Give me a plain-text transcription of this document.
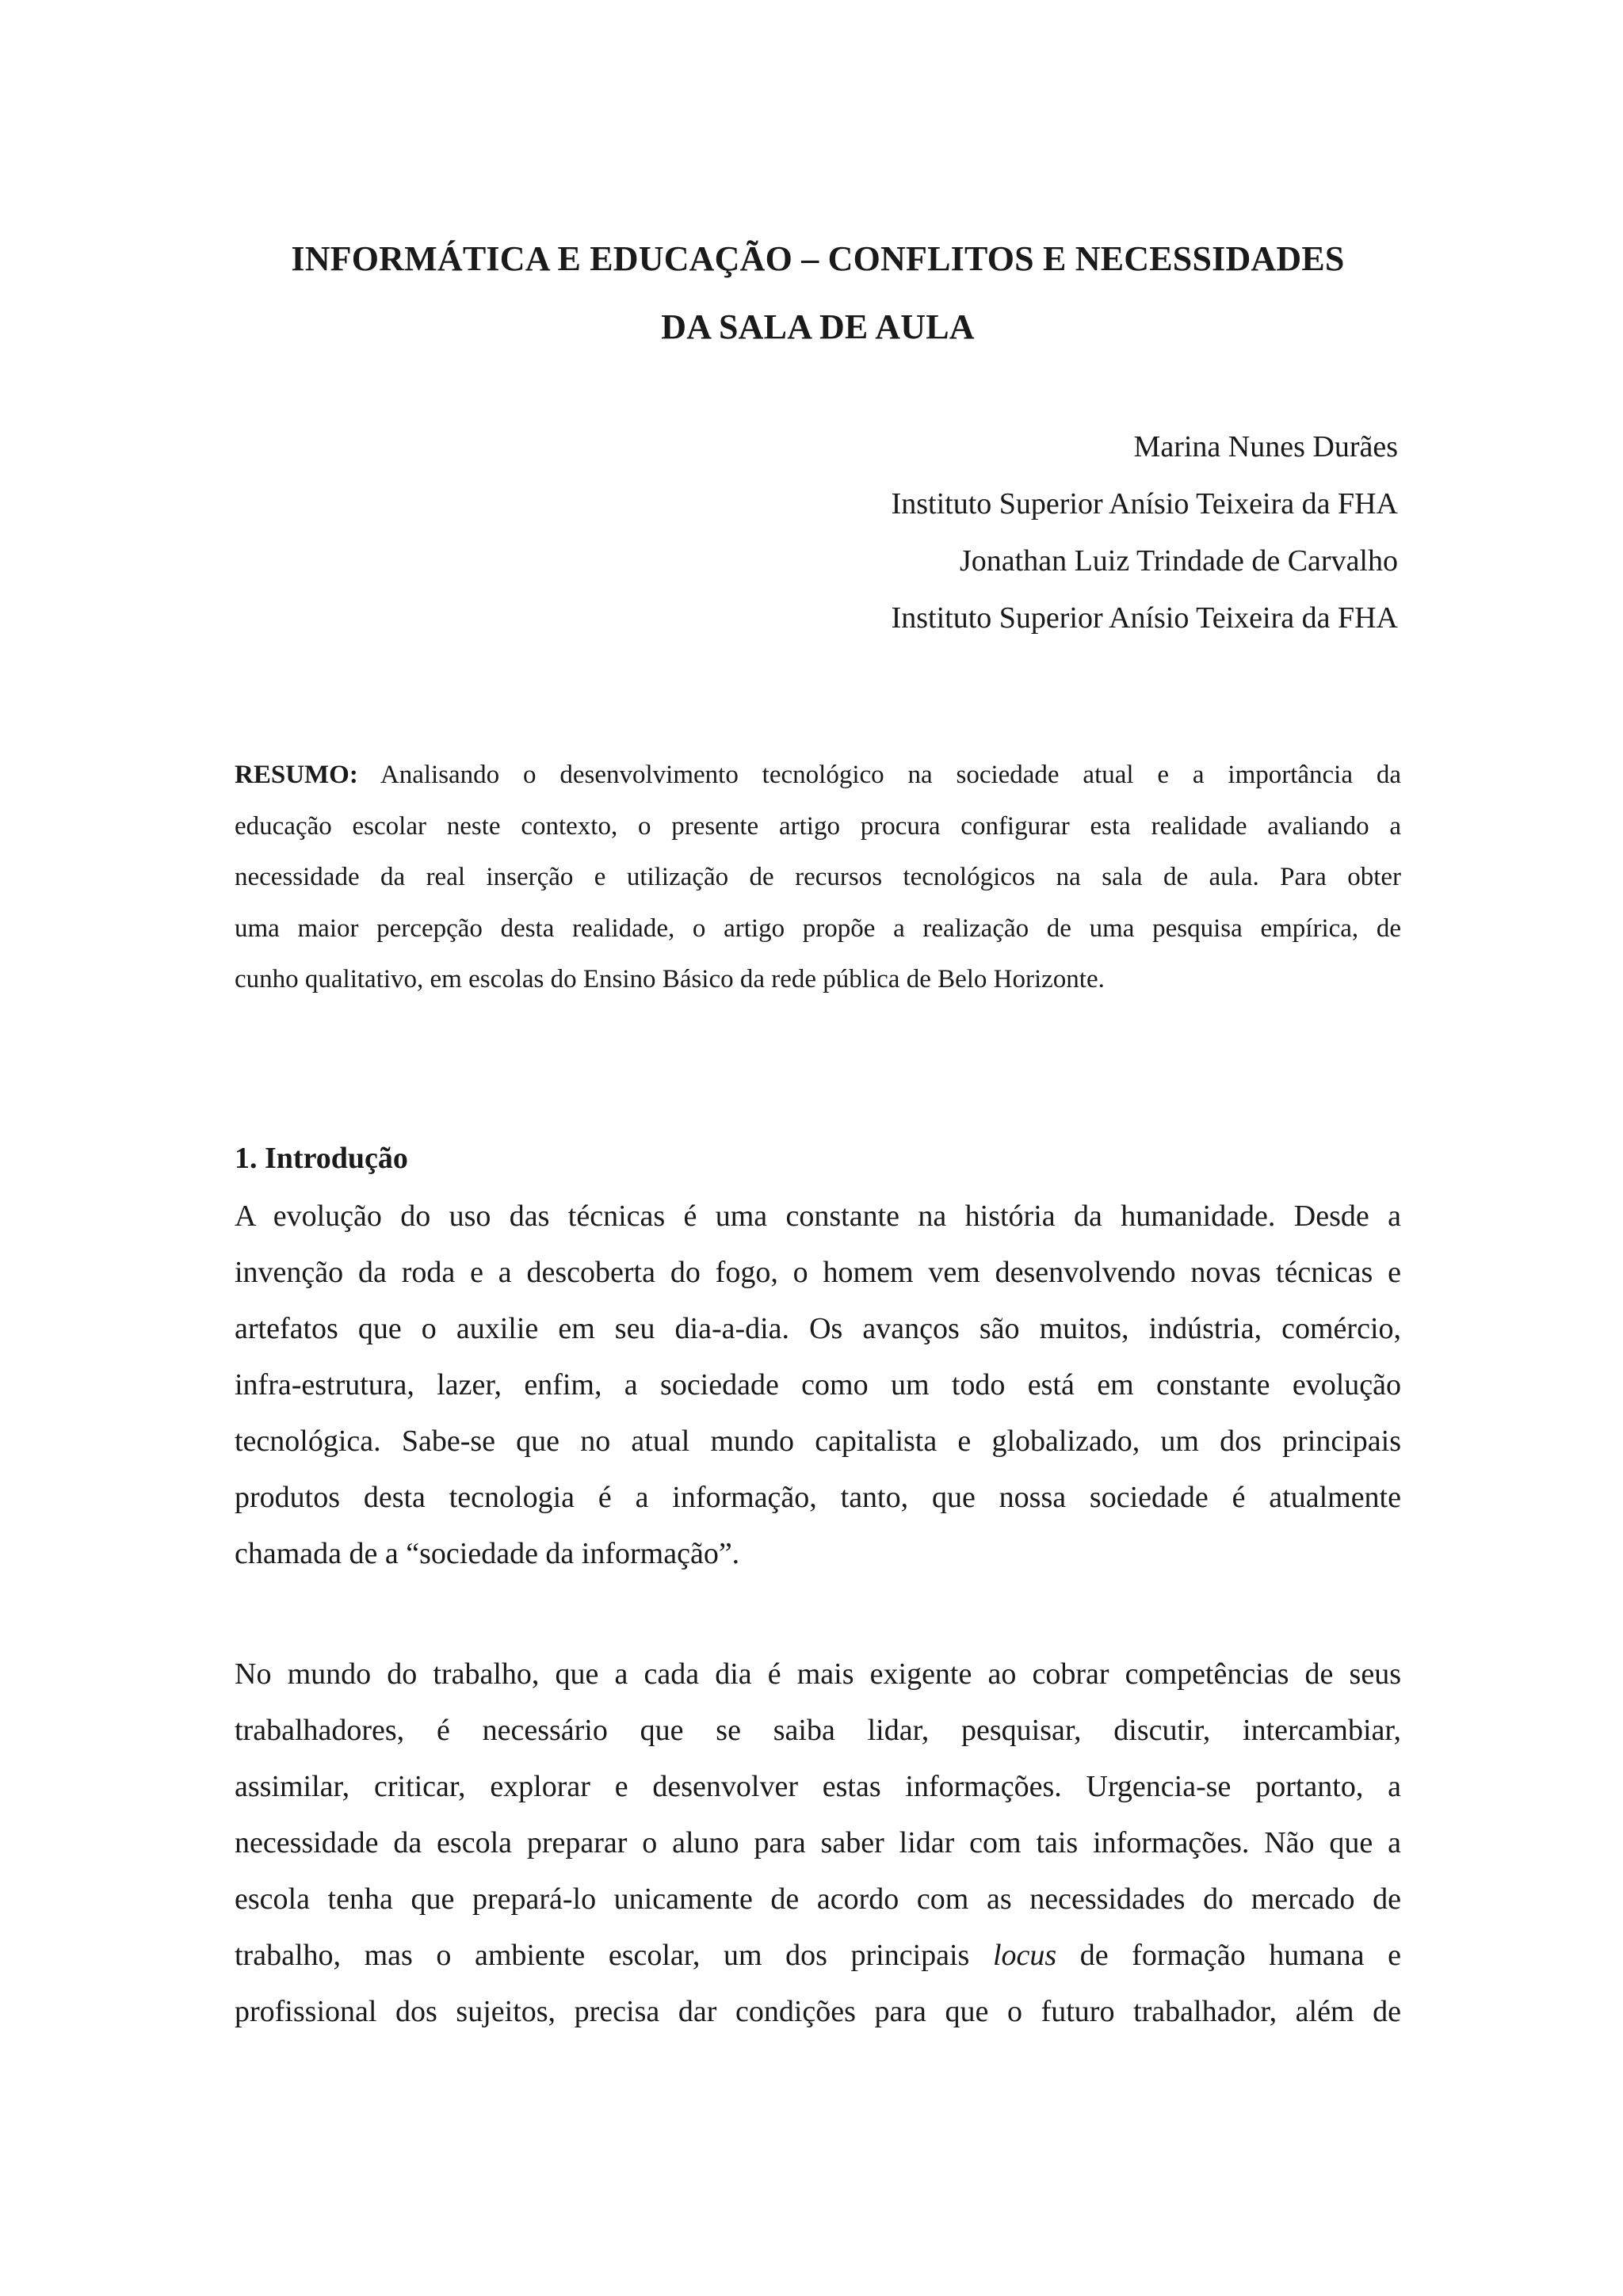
INFORMÁTICA E EDUCAÇÃO – CONFLITOS E NECESSIDADES
DA SALA DE AULA
Marina Nunes Durães
Instituto Superior Anísio Teixeira da FHA
Jonathan Luiz Trindade de Carvalho
Instituto Superior Anísio Teixeira da FHA
RESUMO: Analisando o desenvolvimento tecnológico na sociedade atual e a importância da
educação escolar neste contexto, o presente artigo procura configurar esta realidade avaliando a
necessidade da real inserção e utilização de recursos tecnológicos na sala de aula. Para obter
uma maior percepção desta realidade, o artigo propõe a realização de uma pesquisa empírica, de
cunho qualitativo, em escolas do Ensino Básico da rede pública de Belo Horizonte.
1. Introdução
A evolução do uso das técnicas é uma constante na história da humanidade. Desde a
invenção da roda e a descoberta do fogo, o homem vem desenvolvendo novas técnicas e
artefatos que o auxilie em seu dia-a-dia. Os avanços são muitos, indústria, comércio,
infra-estrutura, lazer, enfim, a sociedade como um todo está em constante evolução
tecnológica. Sabe-se que no atual mundo capitalista e globalizado, um dos principais
produtos desta tecnologia é a informação, tanto, que nossa sociedade é atualmente
chamada de a “sociedade da informação”.
No mundo do trabalho, que a cada dia é mais exigente ao cobrar competências de seus
trabalhadores, é necessário que se saiba lidar, pesquisar, discutir, intercambiar,
assimilar, criticar, explorar e desenvolver estas informações. Urgencia-se portanto, a
necessidade da escola preparar o aluno para saber lidar com tais informações. Não que a
escola tenha que prepará-lo unicamente de acordo com as necessidades do mercado de
trabalho, mas o ambiente escolar, um dos principais locus de formação humana e
profissional dos sujeitos, precisa dar condições para que o futuro trabalhador, além de
